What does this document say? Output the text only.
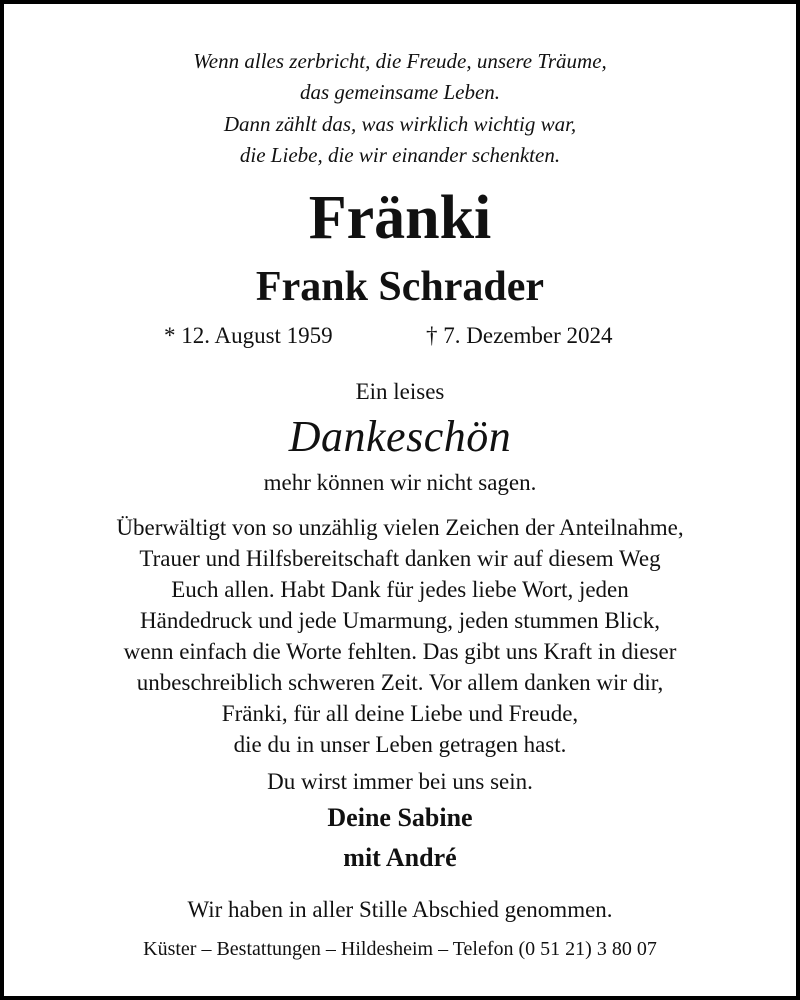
Wenn alles zerbricht, die Freude, unsere Träume,
das gemeinsame Leben.
Dann zählt das, was wirklich wichtig war,
die Liebe, die wir einander schenkten.
Fränki
Frank Schrader
* 12. August 1959	† 7. Dezember 2024
Ein leises
Dankeschön
mehr können wir nicht sagen.
Überwältigt von so unzählig vielen Zeichen der Anteilnahme,
Trauer und Hilfsbereitschaft danken wir auf diesem Weg
Euch allen. Habt Dank für jedes liebe Wort, jeden
Händedruck und jede Umarmung, jeden stummen Blick,
wenn einfach die Worte fehlten. Das gibt uns Kraft in dieser
unbeschreiblich schweren Zeit. Vor allem danken wir dir,
Fränki, für all deine Liebe und Freude,
die du in unser Leben getragen hast.
Du wirst immer bei uns sein.
Deine Sabine
mit André
Wir haben in aller Stille Abschied genommen.
Küster – Bestattungen – Hildesheim – Telefon (0 51 21) 3 80 07
